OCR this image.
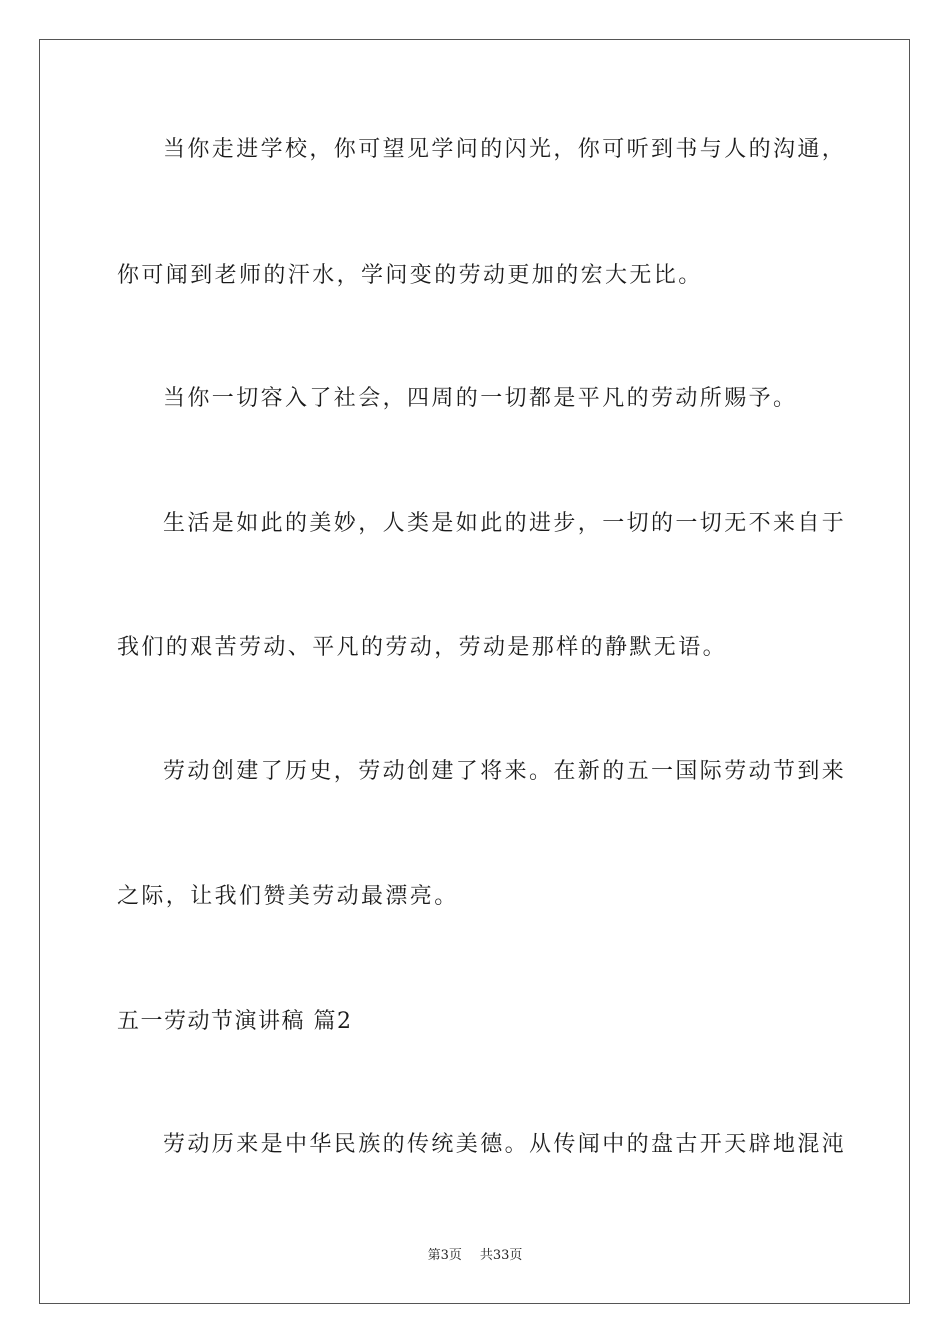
当你走进学校，你可望见学问的闪光，你可听到书与人的沟通，
你可闻到老师的汗水，学问变的劳动更加的宏大无比。
当你一切容入了社会，四周的一切都是平凡的劳动所赐予。
生活是如此的美妙，人类是如此的进步，一切的一切无不来自于
我们的艰苦劳动、平凡的劳动，劳动是那样的静默无语。
劳动创建了历史，劳动创建了将来。在新的五一国际劳动节到来
之际，让我们赞美劳动最漂亮。
五一劳动节演讲稿 篇2
劳动历来是中华民族的传统美德。从传闻中的盘古开天辟地混沌
第3页 共33页
